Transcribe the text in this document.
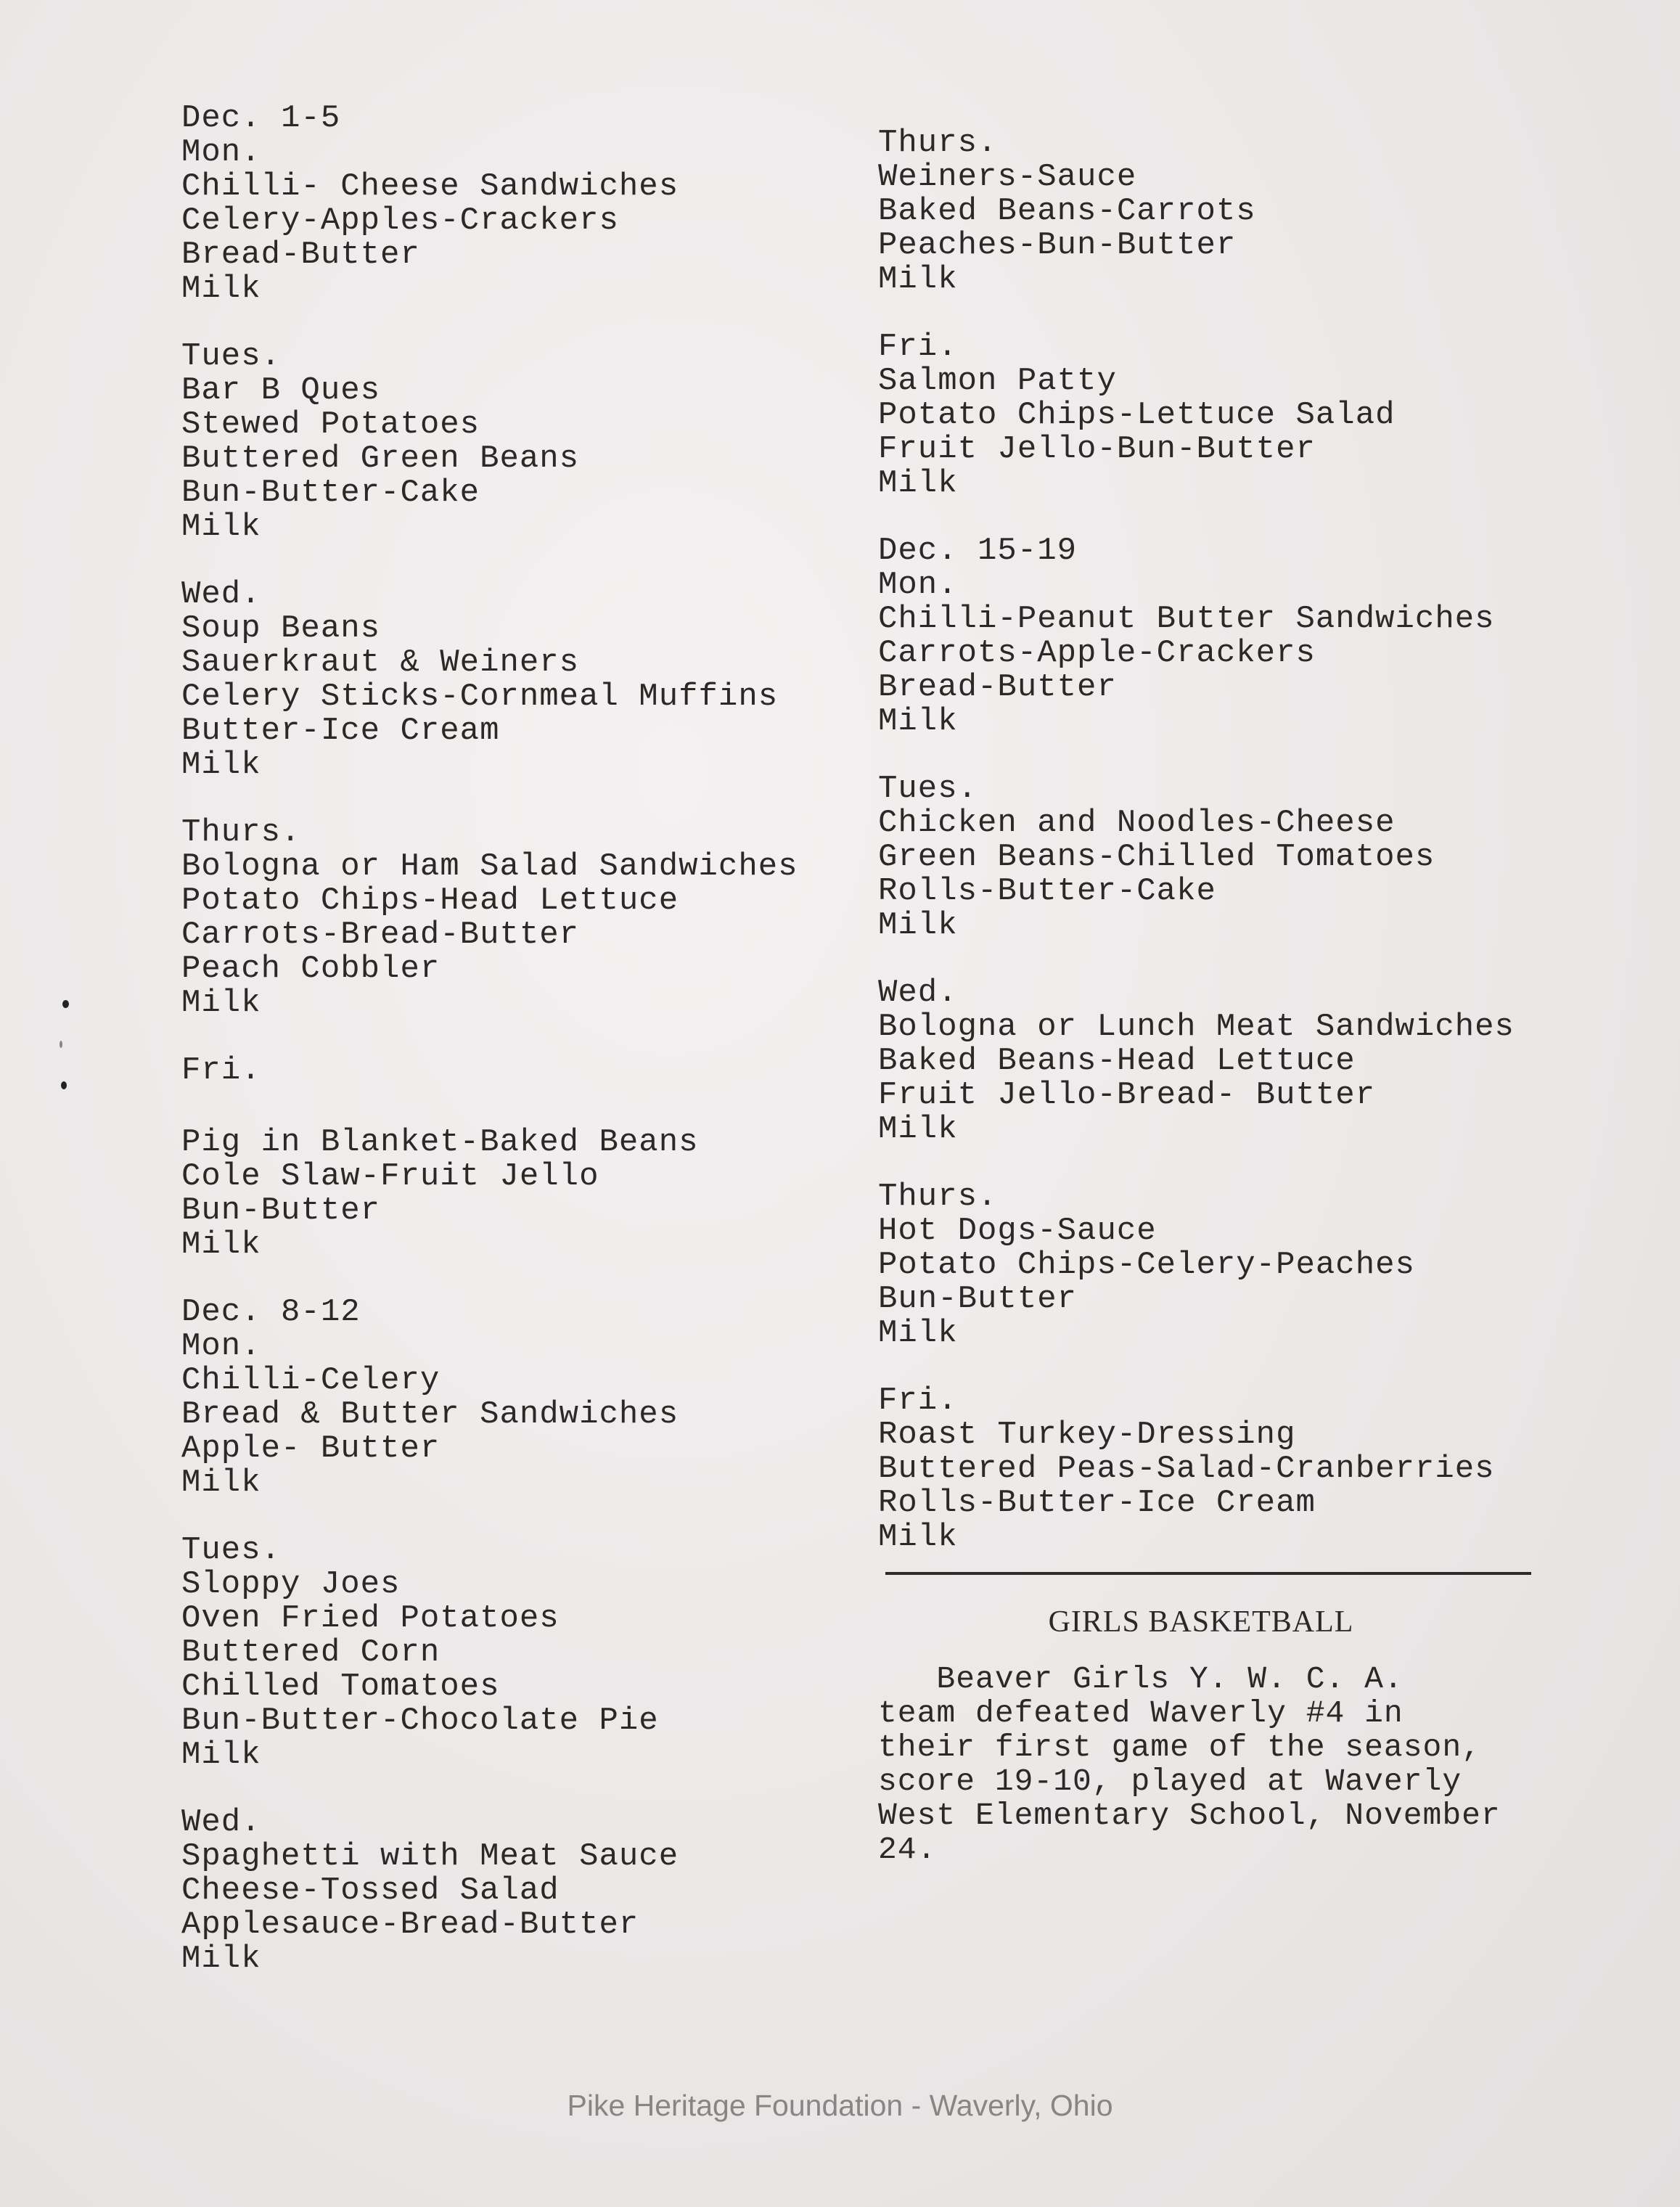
Dec. 1-5
Mon.
Chilli- Cheese Sandwiches
Celery-Apples-Crackers
Bread-Butter
Milk
Tues.
Bar B Ques
Stewed Potatoes
Buttered Green Beans
Bun-Butter-Cake
Milk
Wed.
Soup Beans
Sauerkraut & Weiners
Celery Sticks-Cornmeal Muffins
Butter-Ice Cream
Milk
Thurs.
Bologna or Ham Salad Sandwiches
Potato Chips-Head Lettuce
Carrots-Bread-Butter
Peach Cobbler
Milk
Fri.
Pig in Blanket-Baked Beans
Cole Slaw-Fruit Jello
Bun-Butter
Milk
Dec. 8-12
Mon.
Chilli-Celery
Bread & Butter Sandwiches
Apple- Butter
Milk
Tues.
Sloppy Joes
Oven Fried Potatoes
Buttered Corn
Chilled Tomatoes
Bun-Butter-Chocolate Pie
Milk
Wed.
Spaghetti with Meat Sauce
Cheese-Tossed Salad
Applesauce-Bread-Butter
Milk
Thurs.
Weiners-Sauce
Baked Beans-Carrots
Peaches-Bun-Butter
Milk
Fri.
Salmon Patty
Potato Chips-Lettuce Salad
Fruit Jello-Bun-Butter
Milk
Dec. 15-19
Mon.
Chilli-Peanut Butter Sandwiches
Carrots-Apple-Crackers
Bread-Butter
Milk
Tues.
Chicken and Noodles-Cheese
Green Beans-Chilled Tomatoes
Rolls-Butter-Cake
Milk
Wed.
Bologna or Lunch Meat Sandwiches
Baked Beans-Head Lettuce
Fruit Jello-Bread- Butter
Milk
Thurs.
Hot Dogs-Sauce
Potato Chips-Celery-Peaches
Bun-Butter
Milk
Fri.
Roast Turkey-Dressing
Buttered Peas-Salad-Cranberries
Rolls-Butter-Ice Cream
Milk
GIRLS BASKETBALL
Beaver Girls Y. W. C. A.
team defeated Waverly #4 in
their first game of the season,
score 19-10, played at Waverly
West Elementary School, November
24.
Pike Heritage Foundation - Waverly, Ohio
